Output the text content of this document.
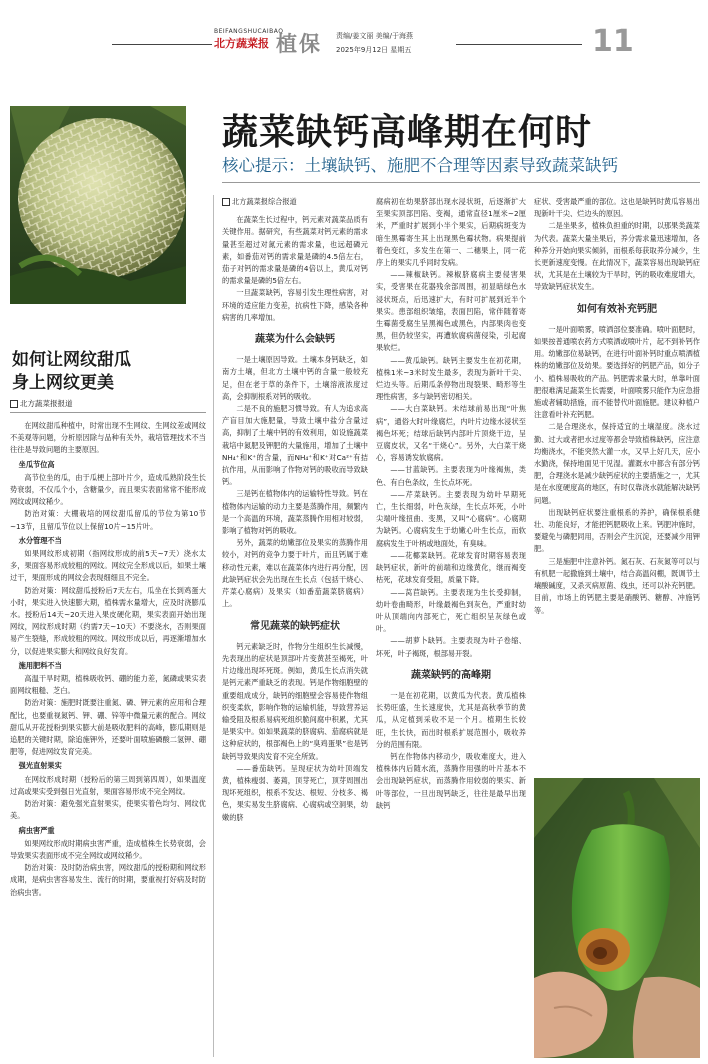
BEIFANGSHUCAIBAO
北方蔬菜报 植保 责编/姜文丽 美编/于海燕
2025年9月12日 星期五	11
蔬菜缺钙高峰期在何时
核心提示：土壤缺钙、施肥不合理等因素导致蔬菜缺钙
如何让网纹甜瓜
身上网纹更美
北方蔬菜报报道

在网纹甜瓜种植中，时常出现不生网纹、生网纹差或网纹不美观等问题，分析原因除与品种有关外，栽培管理技术不当往往是导致问题的主要原因。

坐瓜节位高

高节位坐的瓜，由于瓜梗上部叶片少，造成瓜熟阶段生长势衰弱，不仅瓜个小，含糖量少，而且果实表面常常不能形成网纹或网纹稀少。

防治对策：大棚栽培的网纹甜瓜留瓜的节位为第10节~13节，且留瓜节位以上保留10片~15片叶。

水分管理不当

如果网纹形成初期（指网纹形成的前5天~7天）浇水太多，果面容易形成较粗的网纹。网纹完全形成以后，如果土壤过干，果面形成的网纹会表现细细且不完全。

防治对策：网纹甜瓜授粉后7天左右，瓜坐在长到鸡蛋大小时，果实进入快速膨大期，植株需水量增大，应及时浇膨瓜水。授粉后14天~20天进入果皮硬化期，果实表面开始出现网纹，网纹形成时期（约需7天~10天）不要浇水，否则果面易产生裂缝，形成较粗的网纹。网纹形成以后，再逐渐增加水分，以促进果实膨大和网纹良好发育。

施用肥料不当

高温干旱时期，植株吸收钙、硼的能力差，氮磷或果实表面网纹粗糙、芝白。

防治对策：施肥时既要注重氮、磷、钾元素的应用和合理配比，也要重视氮钙、钾、硼、锌等中微量元素的配合。网纹甜瓜从开花授粉到果实膨大前是吸收肥料的高峰，膨瓜期则是追肥的关键时期，除追施钾外，还要叶面喷施磷酸二氢钾、硼肥等，促进网纹发育完美。

强光直射果实

在网纹形成时期（授粉后的第三周到第四周），如果温度过高或果实受到强日光直射，果面容易形成不完全网纹。

防治对策：避免强光直射果实，使果实着色均匀、网纹优美。

病虫害严重

如果网纹形成时期病虫害严重，造成植株生长势衰弱，会导致果实表面形成不完全网纹或网纹稀少。

防治对策：及时防治病虫害，网纹甜瓜的授粉期和网纹形成期，是病虫害容易发生、流行的时期，要重视打好病及时防治病虫害。

北方蔬菜报综合报道

在蔬菜生长过程中，钙元素对蔬菜品质有关键作用。据研究，有些蔬菜对钙元素的需求量甚至超过对氮元素的需求量，也远超磷元素，如番茄对钙的需求量是磷的4.5倍左右，茄子对钙的需求量是磷的4倍以上，黄瓜对钙的需求量是磷的5倍左右。

一旦蔬菜缺钙，容易引发生理性病害，对环境的适应能力变差，抗病性下降，感染各种病害的几率增加。

蔬菜为什么会缺钙

一是土壤原因导致。土壤本身钙缺乏，如南方土壤，但北方土壤中钙的含量一般较充足，但在老于草的条件下，土壤溶液浓度过高，会抑制根系对钙的吸收。

二是不良的施肥习惯导致。有人为追求高产盲目加大施肥量，导致土壤中盐分含量过高，抑制了土壤中钙的有效利用，如设施蔬菜栽培中氮肥及钾肥的大量施用，增加了土壤中NH₄⁺和K⁺的含量，而NH₄⁺和K⁺对Ca²⁺有拮抗作用，从而影响了作物对钙的吸收而导致缺钙。

三是钙在植物体内的运输特性导致。钙在植物体内运输的动力主要是蒸腾作用，频繁内是一个高温的环境，蔬菜蒸腾作用相对较弱，影响了植物对钙的吸收。

另外，蔬菜的幼嫩部位及果实的蒸腾作用较小，对钙的竞争力要于叶片，而且钙属于难移动性元素，难以在蔬菜体内进行再分配，因此缺钙症状会先出现在生长点（包括干烧心、芹菜心腐病）及果实（如番茄蔬菜脐腐病）上。

常见蔬菜的缺钙症状

钙元素缺乏时，作物分生组织生长减慢，先表现出的症状是顶部叶片变黄甚至褐死，叶片边缘出现坏死斑。例如，黄瓜生长点消失就是钙元素严重缺乏的表现。钙是作物细胞壁的重要组成成分，缺钙的细胞壁会容易使作物组织变柔软，影响作物的运输机能，导致营养运输受阻及根系易病死组织脆间腐中积累，尤其是果实中。如如果蔬菜的脐腐病、茄腐病就是这种症状的，根部褐色上的“臭鸡蛋果”也是钙缺钙导致果肉发育不完全所致。

——番茄缺钙。呈现症状为幼叶顶端发黄，植株瘦弱、萎蔫，顶芽死亡，顶芽周围出现坏死组织，根系不发达、根短、分枝多、褐色，果实易发生脐腐病、心腐病或空洞果，幼嫩的脐

腐病初在幼果脐部出现水浸状斑，后逐渐扩大至果实顶部凹陷、变褐，通常直径1厘米~2厘米，严重时扩展到小半个果实，后期病斑变为暗生黑霉寄生其上出现黑色霉状物。病果提前着色变红，多发生在第一、二穗果上，同一花序上的果实几乎同时发病。

——辣椒缺钙。辣椒脐腐病主要侵害果实，受害果在花器残余部周围，初显暗绿色水浸状斑点，后迅速扩大，有时可扩展到近半个果实。患部组织皱缩，表面凹陷，常伴随着寄生霉菌受腐生呈黑褐色或黑色，内部果肉也变黑，但仍较坚实，再遭软腐病菌侵染，引起腐果软烂。

——黄瓜缺钙。缺钙主要发生在初花期，植株1米~3米时发生最多，表现为新叶干尖、烂边头等。后期瓜条停物出现裂果、畸形等生理性病害，多与缺钙密切相关。

——大白菜缺钙。未结球前易出现“叶焦病”，通俗大时叶缘腐烂，内叶片边缘水浸状至褐色坏死；结球后缺钙内部叶片顶烧干边，呈豆腐皮状，又名“干烧心”。另外，大白菜干烧心，容易诱发软腐病。

——甘蓝缺钙。主要表现为叶缘褐焦，类色、有白色条纹，生长点坏死。

——芹菜缺钙。主要表现为幼叶早期死亡，生长细弱，叶色灰绿，生长点坏死，小叶尖端叶缘扭曲、变黑，又叫“心腐病”。心腐期为缺钙。心腐病发生于幼嫩心叶生长点，而软腐病发生于叶柄或地面处，有臭味。

——花椰菜缺钙。花球发育时期容易表现缺钙症状，新叶的前端和边缘黄化，继而褐变枯死，花球发育受阻，质量下降。

——莴苣缺钙。主要表现为生长受抑制，幼叶卷曲畸形，叶缘最褐色到灰色，严重时幼叶从顶端向内部死亡，死亡组织呈灰绿色或叶。

——胡萝卜缺钙。主要表现为叶子卷缩、坏死，叶子褐斑，根部易开裂。

蔬菜缺钙的高峰期

一是在初花期，以黄瓜为代表。黄瓜植株长势旺盛，生长速度快，尤其是高秋季节的黄瓜，从定植到采收不足一个月。植期生长较旺，生长快，而出时根系扩展范围小，吸收养分的范围有限。

钙在作物体内移动少，吸收难度大，进入植株体内后随水流，蒸腾作用强的叶片基本不会出现缺钙症状，而蒸腾作用较弱的果实、新叶等部位，一旦出现钙缺乏，往往是最早出现缺钙

症状、受害最严重的部位。这也是缺钙时黄瓜容易出现新叶干尖、烂边头的原因。

二是坐果多，植株负担重的时期，以那果类蔬菜为代表。蔬菜大量坐果后，养分需求量迅速增加，各种养分开始向果实倾斜，而根系每获取养分减少，生长更新速度变慢。在此情况下，蔬菜容易出现缺钙症状，尤其是在土壤较为干旱时，钙的吸收难度增大，导致缺钙症状发生。

如何有效补充钙肥

一是叶面喷雾，喷洒部位要准确。喷叶面肥时，如果按普通喷农药方式喷洒或喷叶片，起不到补钙作用。幼嫩部位易缺钙，在进行叶面补钙时重点喷洒植株的幼嫩部位及幼果。要选择好的钙肥产品，如分子小、植株易吸收的产品。钙肥需求量大时，单靠叶面肥很难满足蔬菜生长需要，叶面喷雾只能作为应急措施或者辅助措施，而不能替代叶面施肥。建议种植户注意看叶补充钙肥。

二是合理浇水，保持适宜的土壤湿度。浇水过勤、过大或者把水过度等都会导致植株缺钙，应注意均衡浇水，不能突然大灌一水，又早上好几天，应小水勤浇，保持地面见干见湿。灌溉水中都含有部分钙肥，合理浇水是减少缺钙症状的主要措施之一，尤其是在水度硬度高的地区，有时仅靠浇水就能解决缺钙问题。

出现缺钙症状要注重根系的养护，确保根系健壮、功能良好，才能把钙肥吸收上来。钙肥冲施时，要避免与磷肥同用，否则会产生沉淀，还要减少用钾肥。

三是施肥中注意补钙。氮石灰、石灰氮等可以与有机肥一起撒施到土壤中，结合高温闷棚，既调节土壤酸碱度，又杀灭病原菌、线虫，还可以补充钙肥。目前，市场上的钙肥主要是硝酸钙、糖醇、冲施钙等。
